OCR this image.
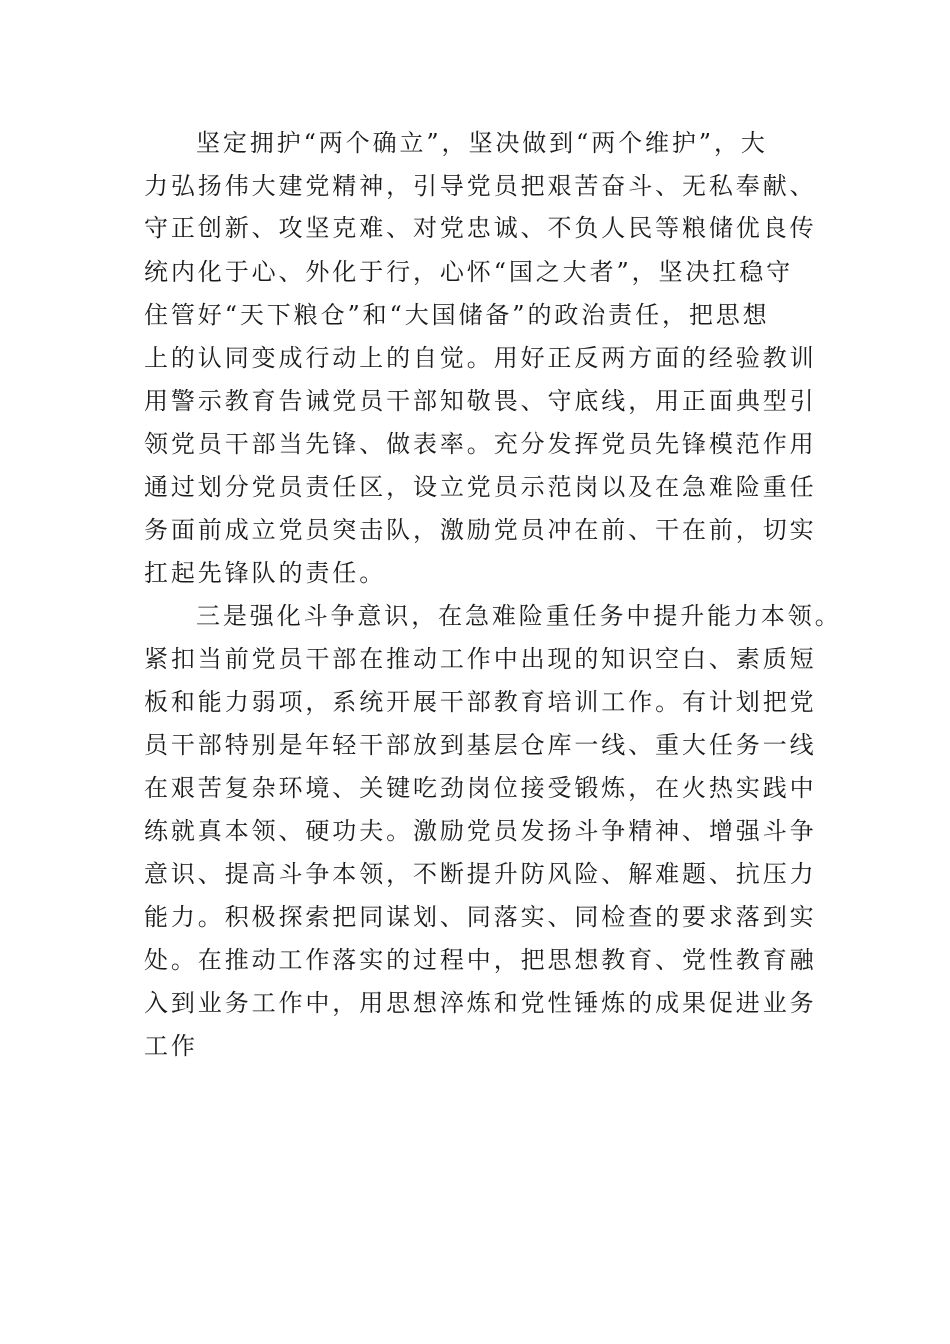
坚定拥护“两个确立”，坚决做到“两个维护”，大
力弘扬伟大建党精神，引导党员把艰苦奋斗、无私奉献、
守正创新、攻坚克难、对党忠诚、不负人民等粮储优良传
统内化于心、外化于行，心怀“国之大者”，坚决扛稳守
住管好“天下粮仓”和“大国储备”的政治责任，把思想
上的认同变成行动上的自觉。用好正反两方面的经验教训
用警示教育告诫党员干部知敬畏、守底线，用正面典型引
领党员干部当先锋、做表率。充分发挥党员先锋模范作用
通过划分党员责任区，设立党员示范岗以及在急难险重任
务面前成立党员突击队，激励党员冲在前、干在前，切实
扛起先锋队的责任。
三是强化斗争意识，在急难险重任务中提升能力本领。
紧扣当前党员干部在推动工作中出现的知识空白、素质短
板和能力弱项，系统开展干部教育培训工作。有计划把党
员干部特别是年轻干部放到基层仓库一线、重大任务一线
在艰苦复杂环境、关键吃劲岗位接受锻炼，在火热实践中
练就真本领、硬功夫。激励党员发扬斗争精神、增强斗争
意识、提高斗争本领，不断提升防风险、解难题、抗压力
能力。积极探索把同谋划、同落实、同检查的要求落到实
处。在推动工作落实的过程中，把思想教育、党性教育融
入到业务工作中，用思想淬炼和党性锤炼的成果促进业务
工作
